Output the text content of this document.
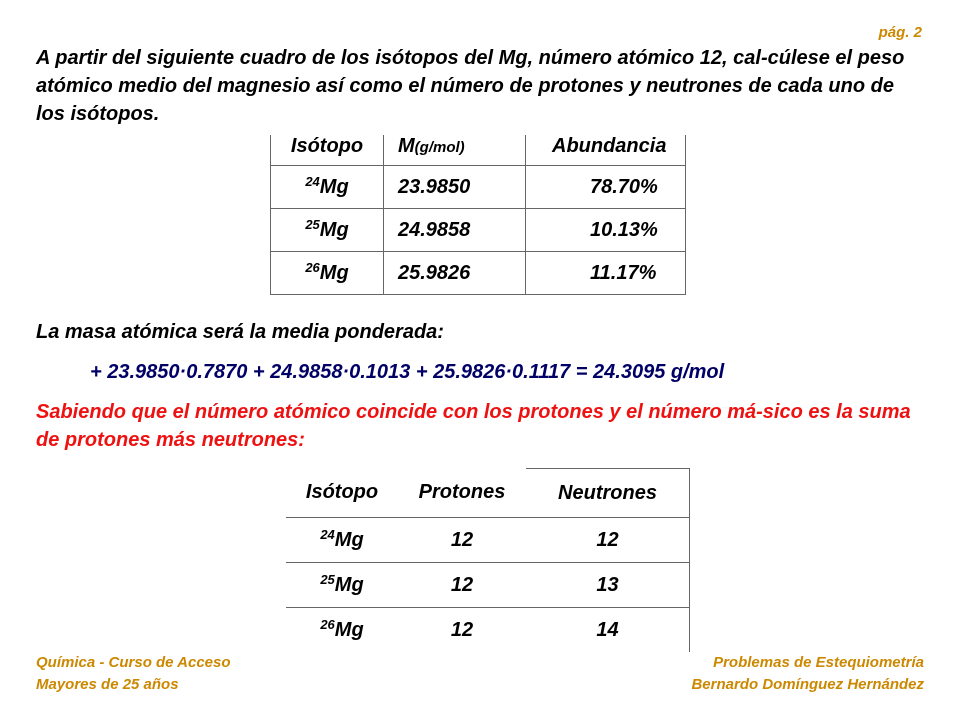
pág. 2

A partir del siguiente cuadro de los isótopos del Mg, número atómico 12, cal-cúlese el peso atómico medio del magnesio así como el número de protones y neutrones de cada uno de los isótopos.

Isótopo	M(g/mol)	Abundancia
$^{24}$Mg	23.9850	78.70%
$^{25}$Mg	24.9858	10.13%
$^{26}$Mg	25.9826	11.17%

La masa atómica será la media ponderada:

+ 23.9850·0.7870 + 24.9858·0.1013 + 25.9826·0.1117 = 24.3095 g/mol

Sabiendo que el número atómico coincide con los protones y el número má-sico es la suma de protones más neutrones:

Isótopo	Protones	Neutrones
$^{24}$Mg	12	12
$^{25}$Mg	12	13
$^{26}$Mg	12	14
Química - Curso de Acceso
Mayores de 25 años
Problemas de Estequiometría
Bernardo Domínguez Hernández
